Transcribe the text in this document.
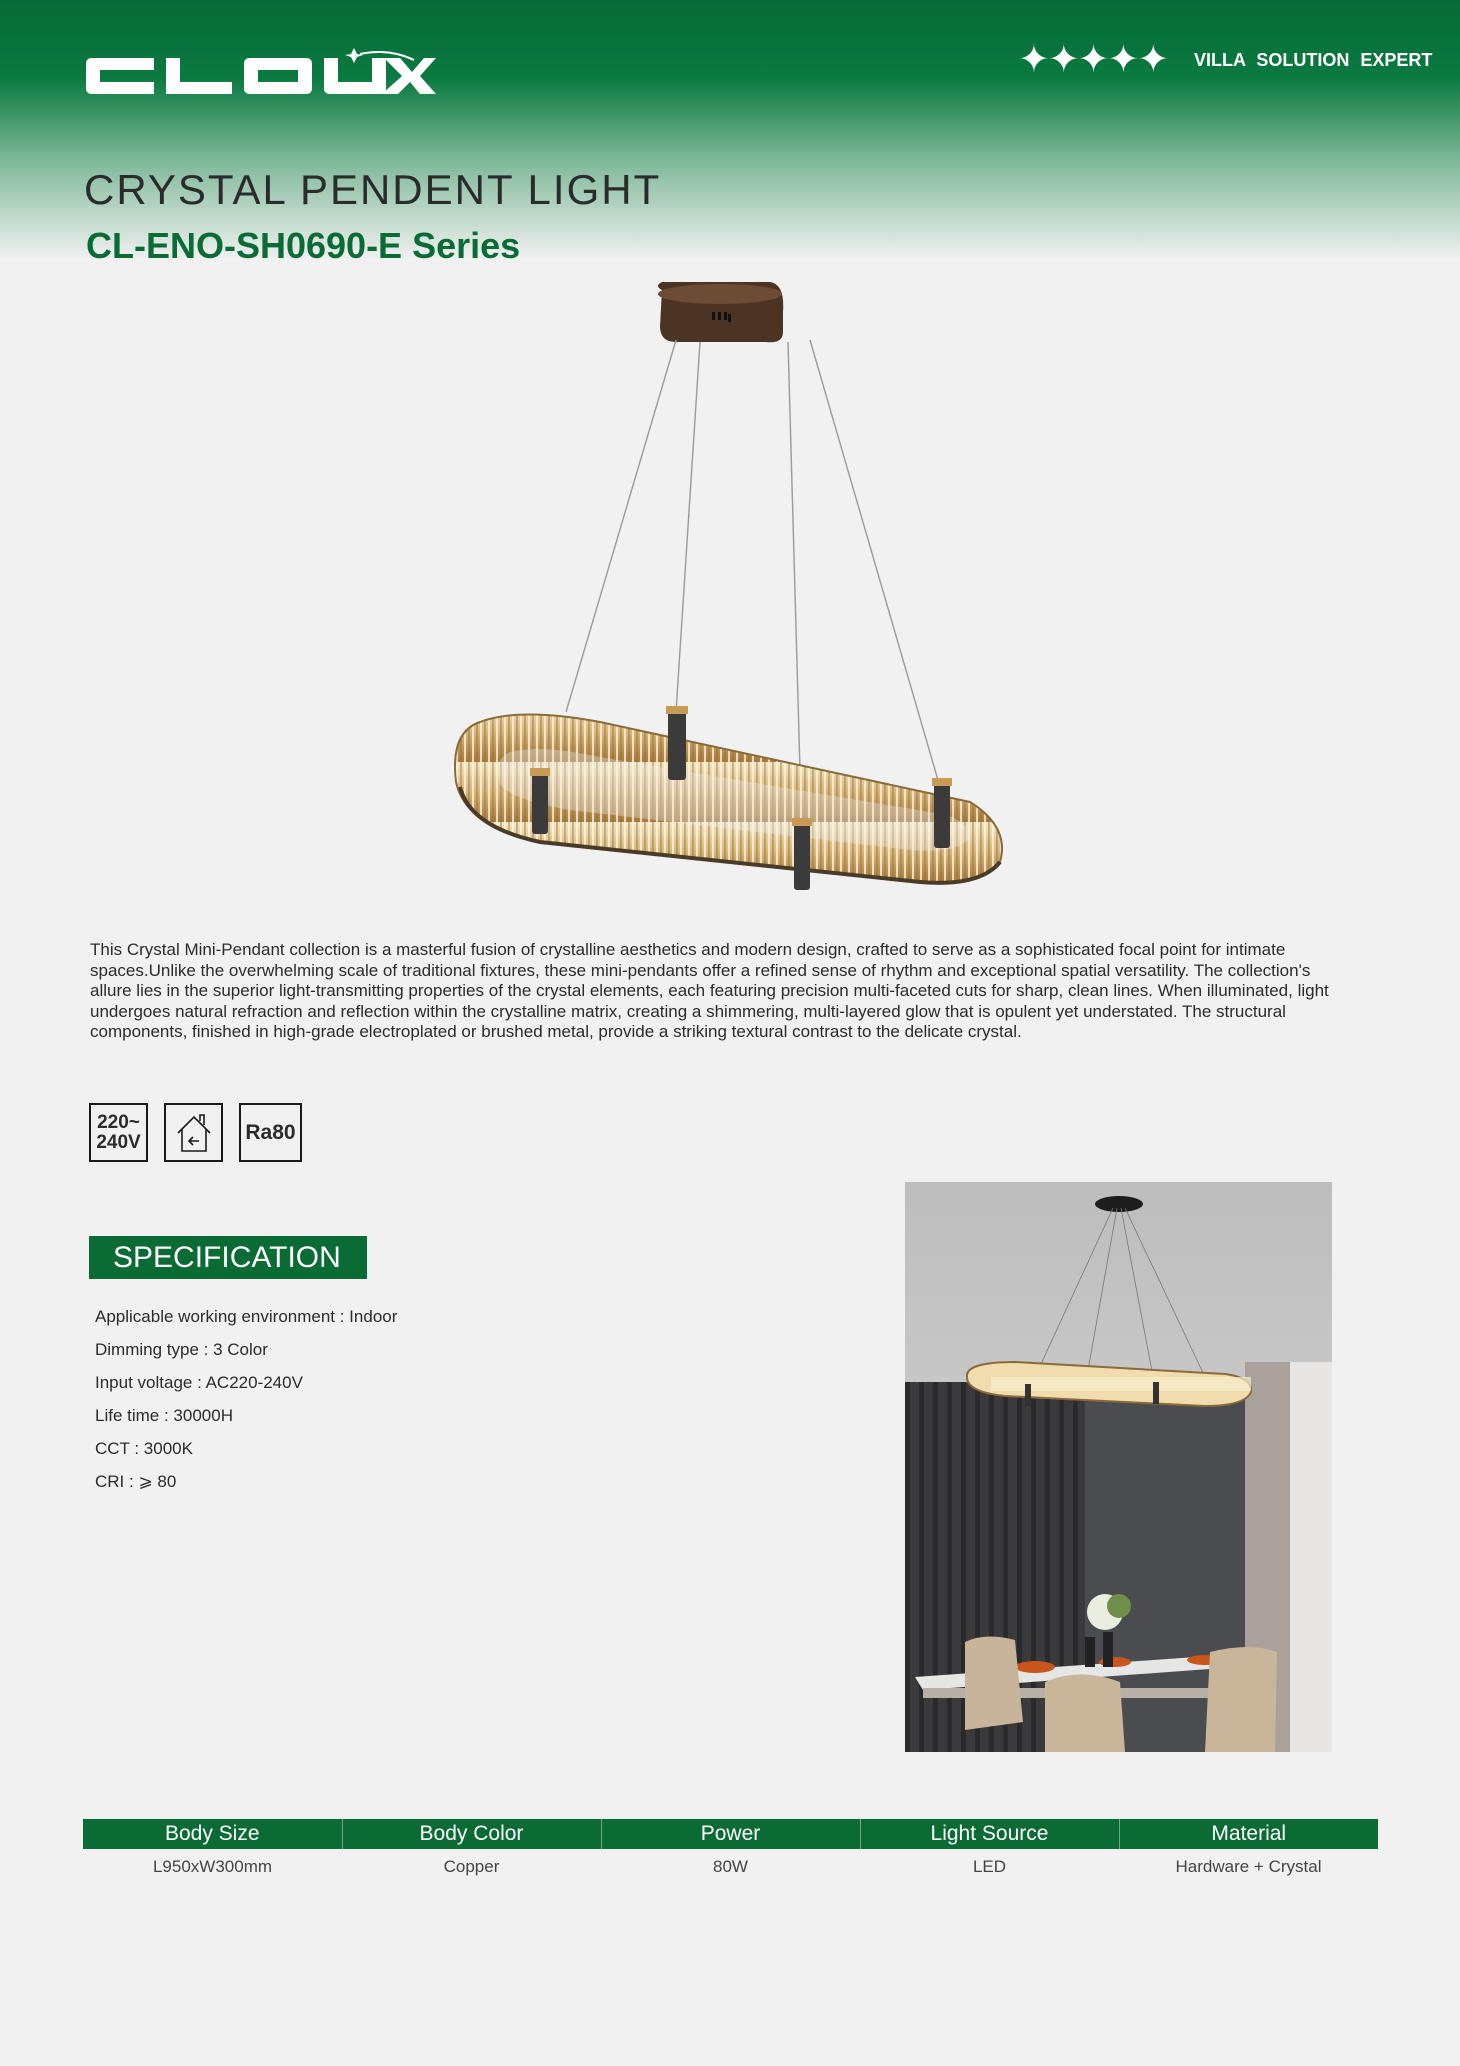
✦✦✦✦✦ VILLA SOLUTION EXPERT
CRYSTAL PENDENT LIGHT
CL-ENO-SH0690-E Series

This Crystal Mini-Pendant collection is a masterful fusion of crystalline aesthetics and modern design, crafted to serve as a sophisticated focal point for intimate spaces.Unlike the overwhelming scale of traditional fixtures, these mini-pendants offer a refined sense of rhythm and exceptional spatial versatility. The collection's allure lies in the superior light-transmitting properties of the crystal elements, each featuring precision multi-faceted cuts for sharp, clean lines. When illuminated, light undergoes natural refraction and reflection within the crystalline matrix, creating a shimmering, multi-layered glow that is opulent yet understated. The structural components, finished in high-grade electroplated or brushed metal, provide a striking textural contrast to the delicate crystal.

220~
240V	Ra80
SPECIFICATION
Applicable working environment : Indoor
Dimming type : 3 Color
Input voltage : AC220-240V
Life time : 30000H
CCT : 3000K
CRI : ⩾ 80
Body Size	Body Color	Power	Light Source	Material
L950xW300mm	Copper	80W	LED	Hardware + Crystal
